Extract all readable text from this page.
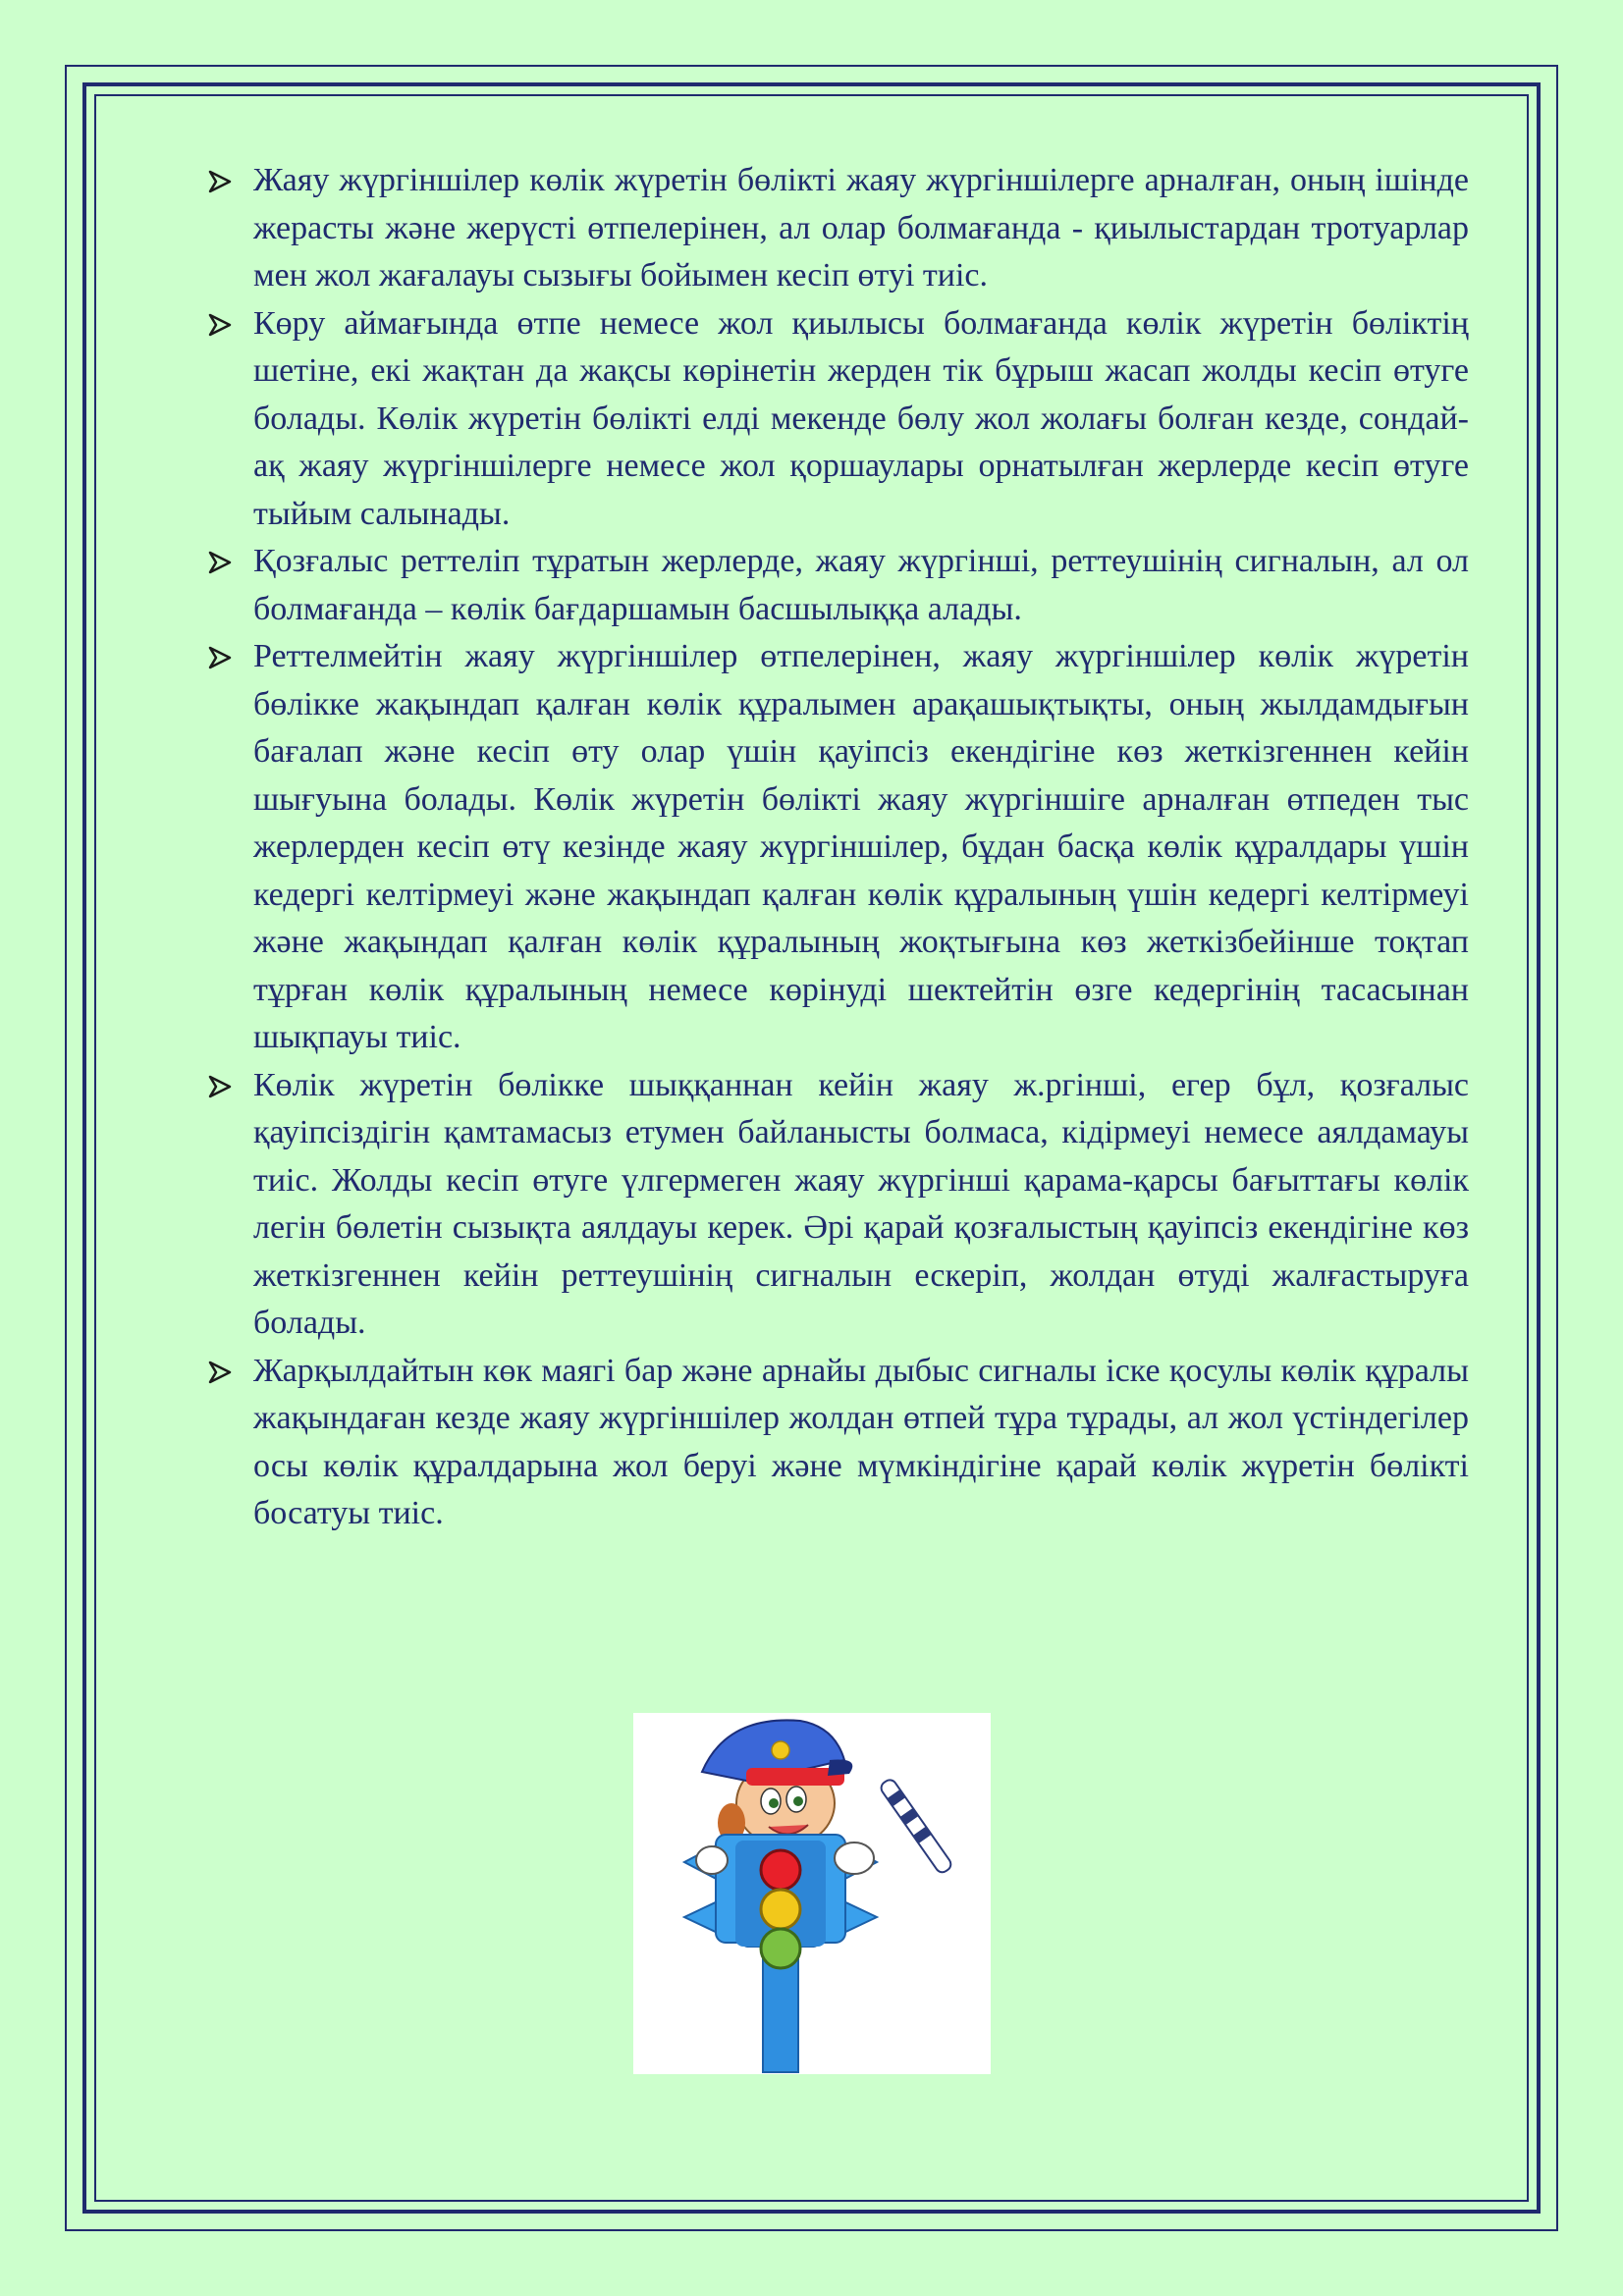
Жаяу жүргіншілер көлік жүретін бөлікті жаяу жүргіншілерге арналған, оның ішінде жерасты және жерүсті өтпелерінен, ал олар болмағанда - қиылыстардан тротуарлар мен жол жағалауы сызығы бойымен кесіп өтуі тиіс.
Көру аймағында өтпе немесе жол қиылысы болмағанда көлік жүретін бөліктің шетіне, екі жақтан да жақсы көрінетін жерден тік бұрыш жасап жолды кесіп өтуге болады. Көлік жүретін бөлікті елді мекенде бөлу жол жолағы болған кезде, сондай-ақ жаяу жүргіншілерге немесе жол қоршаулары орнатылған жерлерде кесіп өтуге тыйым салынады.
Қозғалыс реттеліп тұратын жерлерде, жаяу жүргінші, реттеушінің сигналын, ал ол болмағанда – көлік бағдаршамын басшылыққа алады.
Реттелмейтін жаяу жүргіншілер өтпелерінен, жаяу жүргіншілер көлік жүретін бөлікке жақындап қалған көлік құралымен арақашықтықты, оның жылдамдығын бағалап және кесіп өту олар үшін қауіпсіз екендігіне көз жеткізгеннен кейін шығуына болады. Көлік жүретін бөлікті жаяу жүргіншіге арналған өтпеден тыс жерлерден кесіп өтү кезінде жаяу жүргіншілер, бұдан басқа көлік құралдары үшін кедергі келтірмеуі және жақындап қалған көлік құралының үшін кедергі келтірмеуі және жақындап қалған көлік құралының жоқтығына көз жеткізбейінше тоқтап тұрған көлік құралының немесе көрінуді шектейтін өзге кедергінің тасасынан шықпауы тиіс.
Көлік жүретін бөлікке шыққаннан кейін жаяу ж.ргінші, егер бұл, қозғалыс қауіпсіздігін қамтамасыз етумен байланысты болмаса, кідірмеуі немесе аялдамауы тиіс. Жолды кесіп өтуге үлгермеген жаяу жүргінші қарама-қарсы бағыттағы көлік легін бөлетін сызықта аялдауы керек. Әрі қарай қозғалыстың қауіпсіз екендігіне көз жеткізгеннен кейін реттеушінің сигналын ескеріп, жолдан өтуді жалғастыруға болады.
Жарқылдайтын көк маягі бар және арнайы дыбыс сигналы іске қосулы көлік құралы жақындаған кезде жаяу жүргіншілер жолдан өтпей тұра тұрады, ал жол үстіндегілер осы көлік құралдарына жол беруі және мүмкіндігіне қарай көлік жүретін бөлікті босатуы тиіс.
